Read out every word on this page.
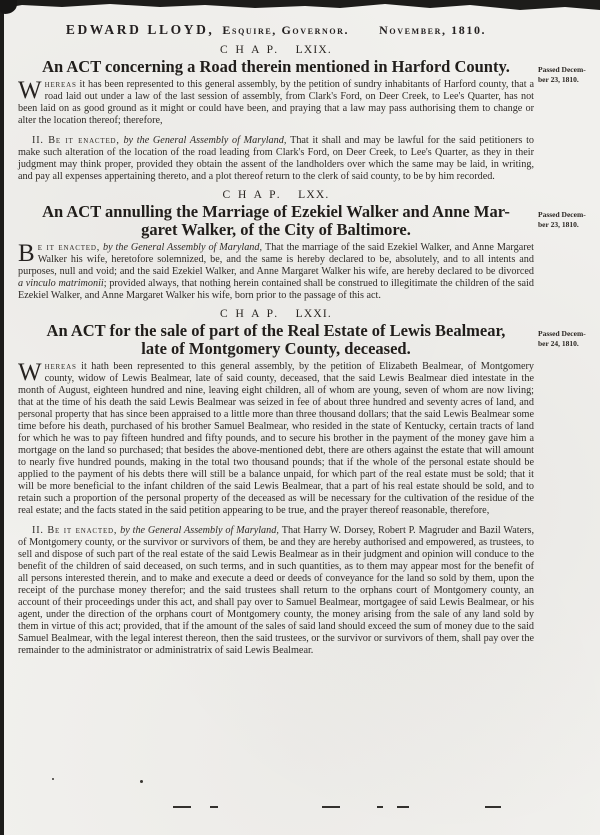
EDWARD LLOYD, Esquire, Governor.	November, 1810.
C H A P. LXIX.
An ACT concerning a Road therein mentioned in Harford County.	Passed Decem-
ber 23, 1810.

Whereas it has been represented to this general assembly, by the petition of sundry inhabitants of Harford county, that a road laid out under a law of the last session of assembly, from Clark's Ford, on Deer Creek, to Lee's Quarter, has not been laid on as good ground as it might or could have been, and praying that a law may pass authorising them to change or alter the location thereof; therefore,

II. Be it enacted, by the General Assembly of Maryland, That it shall and may be lawful for the said petitioners to make such alteration of the location of the road leading from Clark's Ford, on Deer Creek, to Lee's Quarter, as they in their judgment may think proper, provided they obtain the assent of the landholders over which the same may be laid, in writing, and pay all expenses appertaining thereto, and a plot thereof return to the clerk of said county, to be by him recorded.

C H A P. LXX.
An ACT annulling the Marriage of Ezekiel Walker and Anne Mar-
garet Walker, of the City of Baltimore.
Passed Decem-
ber 23, 1810.

Be it enacted, by the General Assembly of Maryland, That the marriage of the said Ezekiel Walker, and Anne Margaret Walker his wife, heretofore solemnized, be, and the same is hereby declared to be, absolutely, and to all intents and purposes, null and void; and the said Ezekiel Walker, and Anne Margaret Walker his wife, are hereby declared to be divorced a vinculo matrimonii; provided always, that nothing herein contained shall be construed to illegitimate the children of the said Ezekiel Walker, and Anne Margaret Walker his wife, born prior to the passage of this act.

C H A P. LXXI.
An ACT for the sale of part of the Real Estate of Lewis Bealmear,
late of Montgomery County, deceased.
Passed Decem-
ber 24, 1810.

Whereas it hath been represented to this general assembly, by the petition of Elizabeth Bealmear, of Montgomery county, widow of Lewis Bealmear, late of said county, deceased, that the said Lewis Bealmear died intestate in the month of August, eighteen hundred and nine, leaving eight children, all of whom are young, seven of whom are now living; that at the time of his death the said Lewis Bealmear was seized in fee of about three hundred and seventy acres of land, and personal property that has since been appraised to a little more than three thousand dollars; that the said Lewis Bealmear some time before his death, purchased of his brother Samuel Bealmear, who resided in the state of Kentucky, certain tracts of land for which he was to pay fifteen hundred and fifty pounds, and to secure his brother in the payment of the money gave him a mortgage on the land so purchased; that besides the above-mentioned debt, there are others against the estate that will amount to nearly five hundred pounds, making in the total two thousand pounds; that if the whole of the personal estate should be applied to the payment of his debts there will still be a balance unpaid, for which part of the real estate must be sold; that it will be more beneficial to the infant children of the said Lewis Bealmear, that a part of his real estate should be sold, and to retain such a proportion of the personal property of the deceased as will be necessary for the cultivation of the residue of the real estate; and the facts stated in the said petition appearing to be true, and the prayer thereof reasonable, therefore,

II. Be it enacted, by the General Assembly of Maryland, That Harry W. Dorsey, Robert P. Magruder and Bazil Waters, of Montgomery county, or the survivor or survivors of them, be and they are hereby authorised and empowered, as trustees, to sell and dispose of such part of the real estate of the said Lewis Bealmear as in their judgment and opinion will conduce to the benefit of the children of said deceased, on such terms, and in such quantities, as to them may appear most for the benefit of all persons interested therein, and to make and execute a deed or deeds of conveyance for the land so sold by them, upon the receipt of the purchase money therefor; and the said trustees shall return to the orphans court of Montgomery county, an account of their proceedings under this act, and shall pay over to Samuel Bealmear, mortgagee of said Lewis Bealmear, or his agent, under the direction of the orphans court of Montgomery county, the money arising from the sale of any land sold by them in virtue of this act; provided, that if the amount of the sales of said land should exceed the sum of money due to the said Samuel Bealmear, with the legal interest thereon, then the said trustees, or the survivor or survivors of them, shall pay over the remainder to the administrator or administratrix of said Lewis Bealmear.
